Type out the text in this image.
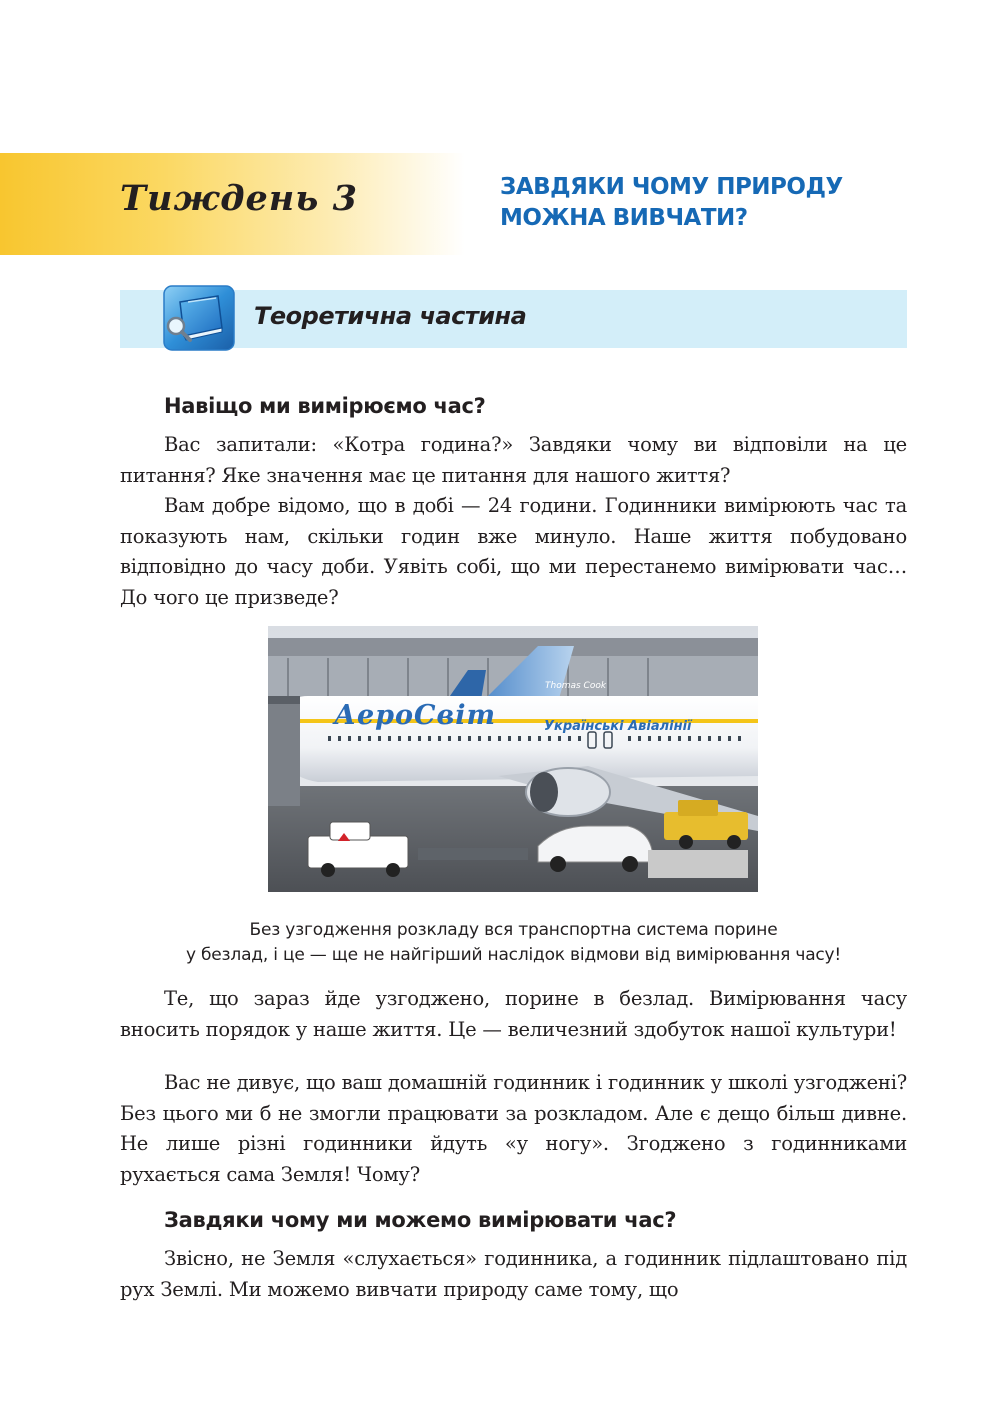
Тиждень 3	ЗАВДЯКИ ЧОМУ ПРИРОДУ
МОЖНА ВИВЧАТИ?
Теоретична частина
Навіщо ми вимірюємо час?

Вас запитали: «Котра година?» Завдяки чому ви відповіли на це питання? Яке значення має це питання для нашого життя?

Вам добре відомо, що в добі — 24 години. Годинники вимірюють час та показують нам, скільки годин вже минуло. Наше життя побудовано відповідно до часу доби. Уявіть собі, що ми перестанемо вимірювати час… До чого це призведе?

Thomas Cook
АероСвіт	Українські Авіалінії

Без узгодження розкладу вся транспортна система порине
у безлад, і це — ще не найгірший наслідок відмови від вимірювання часу!

Те, що зараз йде узгоджено, порине в безлад. Вимірювання часу вносить порядок у наше життя. Це — величезний здобуток нашої культури!

Вас не дивує, що ваш домашній годинник і годинник у школі узгоджені? Без цього ми б не змогли працювати за розкладом. Але є дещо більш дивне. Не лише різні годинники йдуть «у ногу». Згоджено з годинниками рухається сама Земля! Чому?

Завдяки чому ми можемо вимірювати час?

Звісно, не Земля «слухається» годинника, а годинник підлаштовано під рух Землі. Ми можемо вивчати природу саме тому, що
